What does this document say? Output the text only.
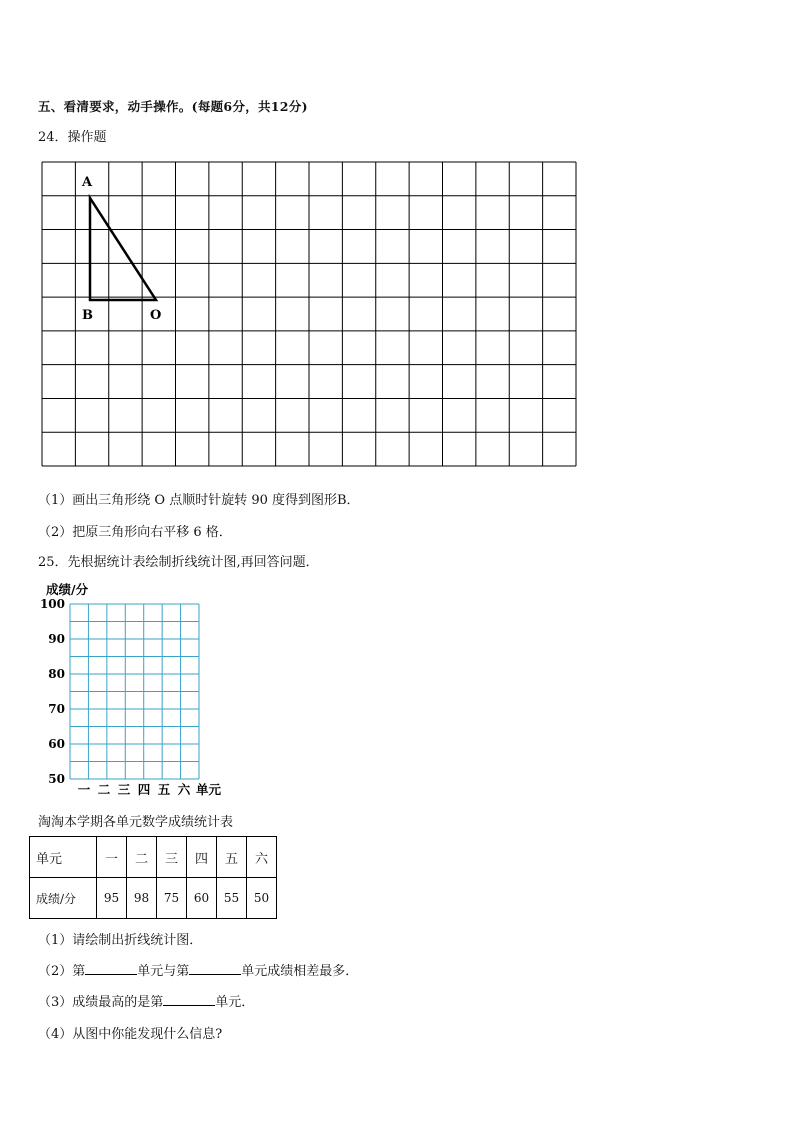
五、看清要求，动手操作。(每题6分，共12分)
24．操作题
A
B	O
（1）画出三角形绕 O 点顺时针旋转 90 度得到图形B．
（2）把原三角形向右平移 6 格．
25．先根据统计表绘制折线统计图,再回答问题．
成绩/分
100
90
80
70
60
50
一 二 三 四 五 六 单元
淘淘本学期各单元数学成绩统计表
单元	一	二	三	四	五	六
成绩/分	95	98	75	60	55	50
（1）请绘制出折线统计图．
（2）第	单元与第	单元成绩相差最多．
（3）成绩最高的是第	单元．
（4）从图中你能发现什么信息?
